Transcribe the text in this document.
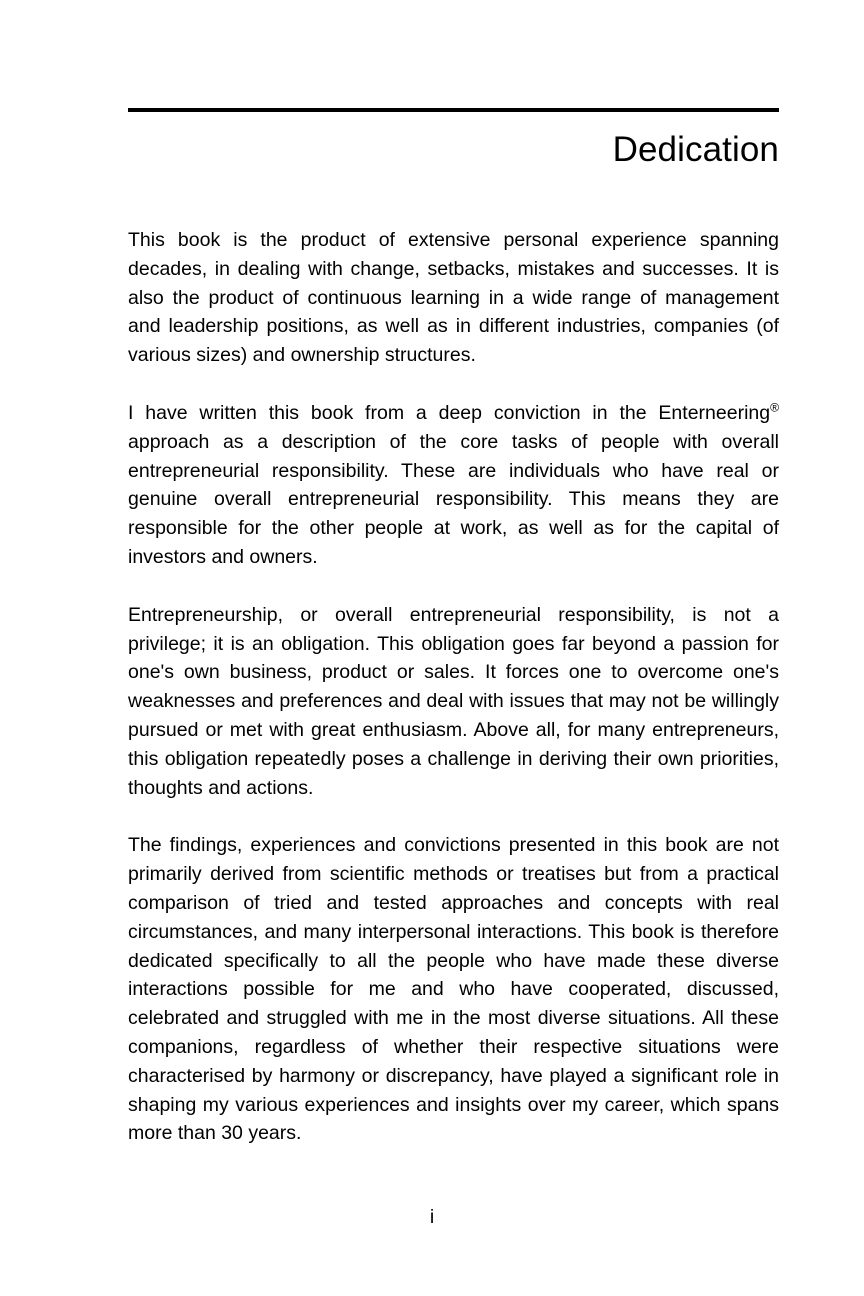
Dedication

This book is the product of extensive personal experience spanning decades, in dealing with change, setbacks, mistakes and successes. It is also the product of continuous learning in a wide range of management and leadership positions, as well as in different industries, companies (of various sizes) and ownership structures.

I have written this book from a deep conviction in the Enterneering® approach as a description of the core tasks of people with overall entrepreneurial responsibility. These are individuals who have real or genuine overall entrepreneurial responsibility. This means they are responsible for the other people at work, as well as for the capital of investors and owners.

Entrepreneurship, or overall entrepreneurial responsibility, is not a privilege; it is an obligation. This obligation goes far beyond a passion for one's own business, product or sales. It forces one to overcome one's weaknesses and preferences and deal with issues that may not be willingly pursued or met with great enthusiasm. Above all, for many entrepreneurs, this obligation repeatedly poses a challenge in deriving their own priorities, thoughts and actions.

The findings, experiences and convictions presented in this book are not primarily derived from scientific methods or treatises but from a practical comparison of tried and tested approaches and concepts with real circumstances, and many interpersonal interactions. This book is therefore dedicated specifically to all the people who have made these diverse interactions possible for me and who have cooperated, discussed, celebrated and struggled with me in the most diverse situations. All these companions, regardless of whether their respective situations were characterised by harmony or discrepancy, have played a significant role in shaping my various experiences and insights over my career, which spans more than 30 years.

i
